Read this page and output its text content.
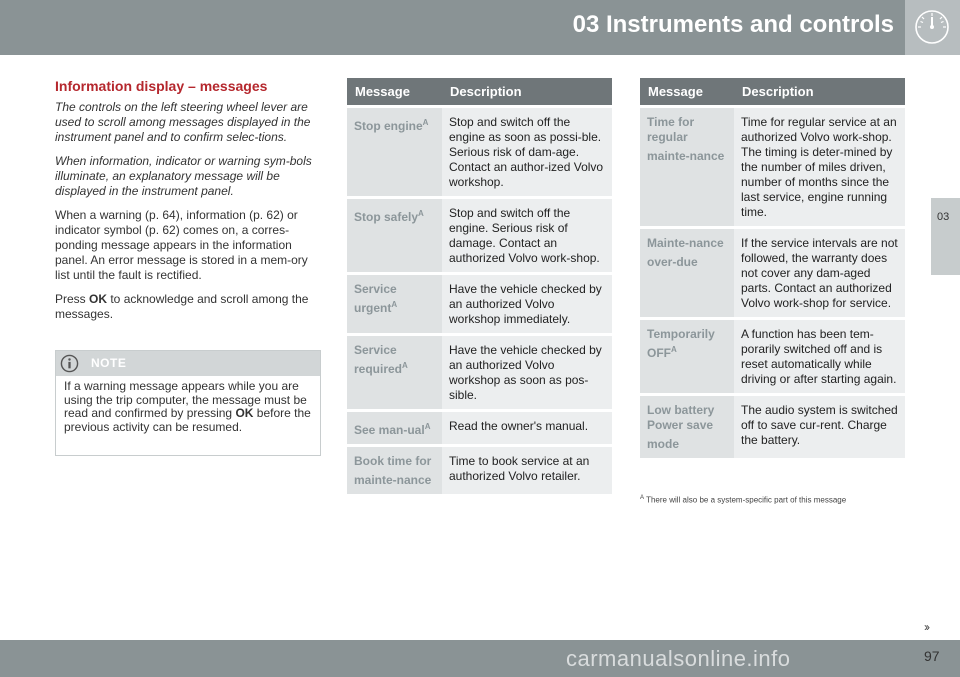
03 Instruments and controls
03
Information display – messages

The controls on the left steering wheel lever are used to scroll among messages displayed in the instrument panel and to confirm selec-tions.

When information, indicator or warning sym-bols illuminate, an explanatory message will be displayed in the instrument panel.

When a warning (p. 64), information (p. 62) or indicator symbol (p. 62) comes on, a corres-ponding message appears in the information panel. An error message is stored in a mem-ory list until the fault is rectified.

Press OK to acknowledge and scroll among the messages.

NOTE
If a warning message appears while you are using the trip computer, the message must be read and confirmed by pressing OK before the previous activity can be resumed.
Message	Description
Stop engine$^A$	Stop and switch off the engine as soon as possi-ble. Serious risk of dam-age. Contact an author-ized Volvo workshop.
Stop safely$^A$	Stop and switch off the engine. Serious risk of damage. Contact an authorized Volvo work-shop.
Service urgent$^A$	Have the vehicle checked by an authorized Volvo workshop immediately.
Service required$^A$	Have the vehicle checked by an authorized Volvo workshop as soon as pos-sible.
See man-ual$^A$	Read the owner's manual.
Book time for mainte-nance	Time to book service at an authorized Volvo retailer.
Message	Description
Time for regular mainte-nance	Time for regular service at an authorized Volvo work-shop. The timing is deter-mined by the number of miles driven, number of months since the last service, engine running time.
Mainte-nance over-due	If the service intervals are not followed, the warranty does not cover any dam-aged parts. Contact an authorized Volvo work-shop for service.
Temporarily $OFF^A$	A function has been tem-porarily switched off and is reset automatically while driving or after starting again.
Low battery Power save mode	The audio system is switched off to save cur-rent. Charge the battery.
$^A$ There will also be a system-specific part of this message
carmanualsonline.info
››
97
